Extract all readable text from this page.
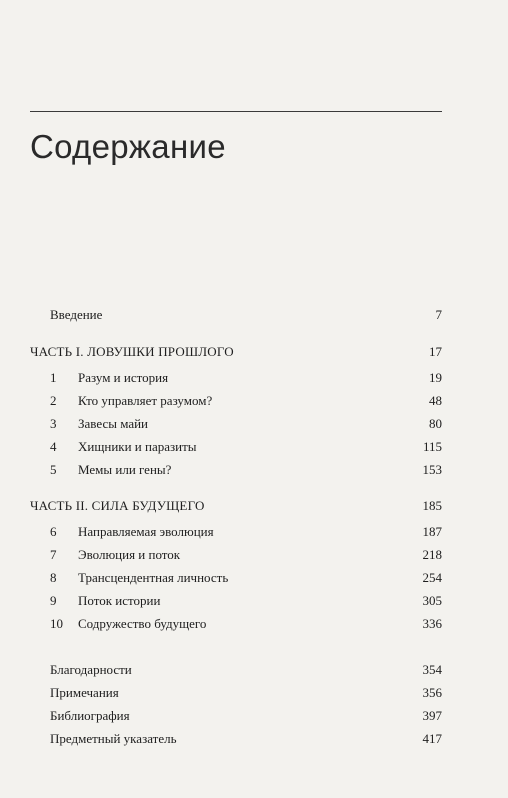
Содержание
Введение	7
ЧАСТЬ I. ЛОВУШКИ ПРОШЛОГО	17
1 Разум и история	19
2 Кто управляет разумом?	48
3 Завесы майи	80
4 Хищники и паразиты	115
5 Мемы или гены?	153
ЧАСТЬ II. СИЛА БУДУЩЕГО	185
6 Направляемая эволюция	187
7 Эволюция и поток	218
8 Трансцендентная личность	254
9 Поток истории	305
10 Содружество будущего	336
Благодарности	354
Примечания	356
Библиография	397
Предметный указатель	417
